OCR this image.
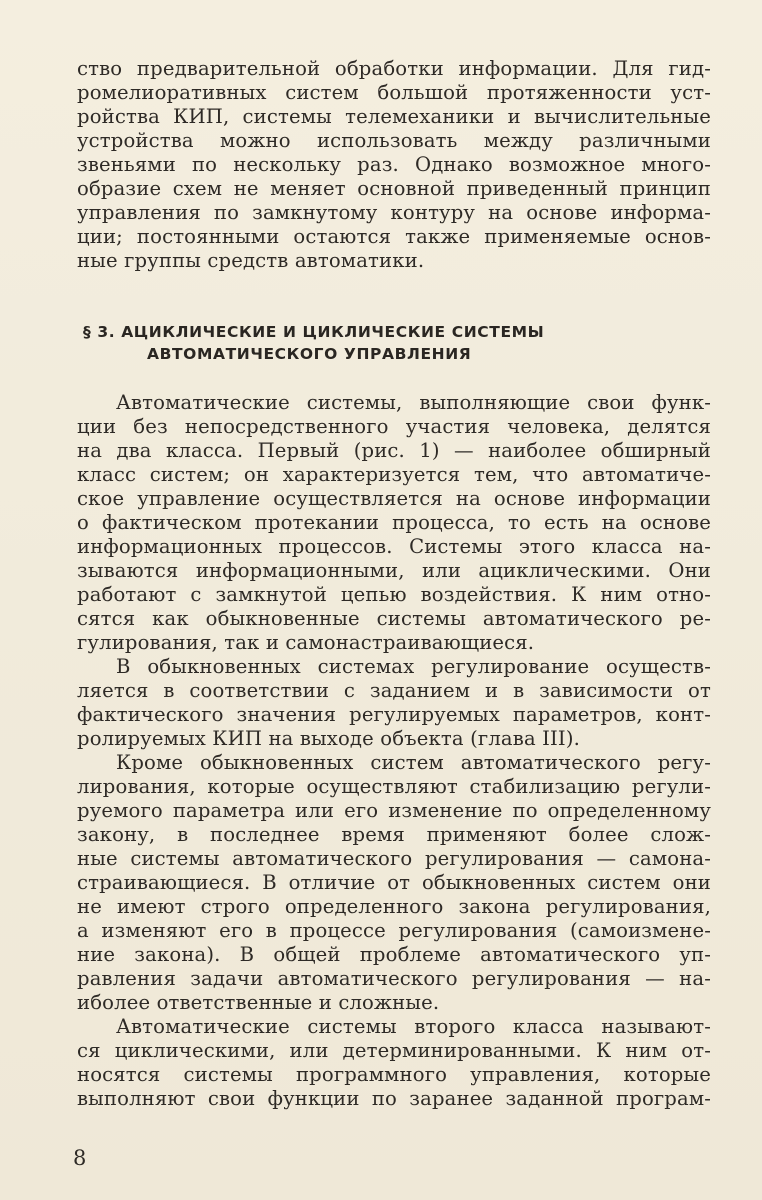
ство предварительной обработки информации. Для гид-
ромелиоративных систем большой протяженности уст-
ройства КИП, системы телемеханики и вычислительные
устройства можно использовать между различными
звеньями по нескольку раз. Однако возможное много-
образие схем не меняет основной приведенный принцип
управления по замкнутому контуру на основе информа-
ции; постоянными остаются также применяемые основ-
ные группы средств автоматики.
§ 3. АЦИКЛИЧЕСКИЕ И ЦИКЛИЧЕСКИЕ СИСТЕМЫ
АВТОМАТИЧЕСКОГО УПРАВЛЕНИЯ
Автоматические системы, выполняющие свои функ-
ции без непосредственного участия человека, делятся
на два класса. Первый (рис. 1) — наиболее обширный
класс систем; он характеризуется тем, что автоматиче-
ское управление осуществляется на основе информации
о фактическом протекании процесса, то есть на основе
информационных процессов. Системы этого класса на-
зываются информационными, или ациклическими. Они
работают с замкнутой цепью воздействия. К ним отно-
сятся как обыкновенные системы автоматического ре-
гулирования, так и самонастраивающиеся.
В обыкновенных системах регулирование осуществ-
ляется в соответствии с заданием и в зависимости от
фактического значения регулируемых параметров, конт-
ролируемых КИП на выходе объекта (глава III).
Кроме обыкновенных систем автоматического регу-
лирования, которые осуществляют стабилизацию регули-
руемого параметра или его изменение по определенному
закону, в последнее время применяют более слож-
ные системы автоматического регулирования — самона-
страивающиеся. В отличие от обыкновенных систем они
не имеют строго определенного закона регулирования,
а изменяют его в процессе регулирования (самоизмене-
ние закона). В общей проблеме автоматического уп-
равления задачи автоматического регулирования — на-
иболее ответственные и сложные.
Автоматические системы второго класса называют-
ся циклическими, или детерминированными. К ним от-
носятся системы программного управления, которые
выполняют свои функции по заранее заданной програм-
8
